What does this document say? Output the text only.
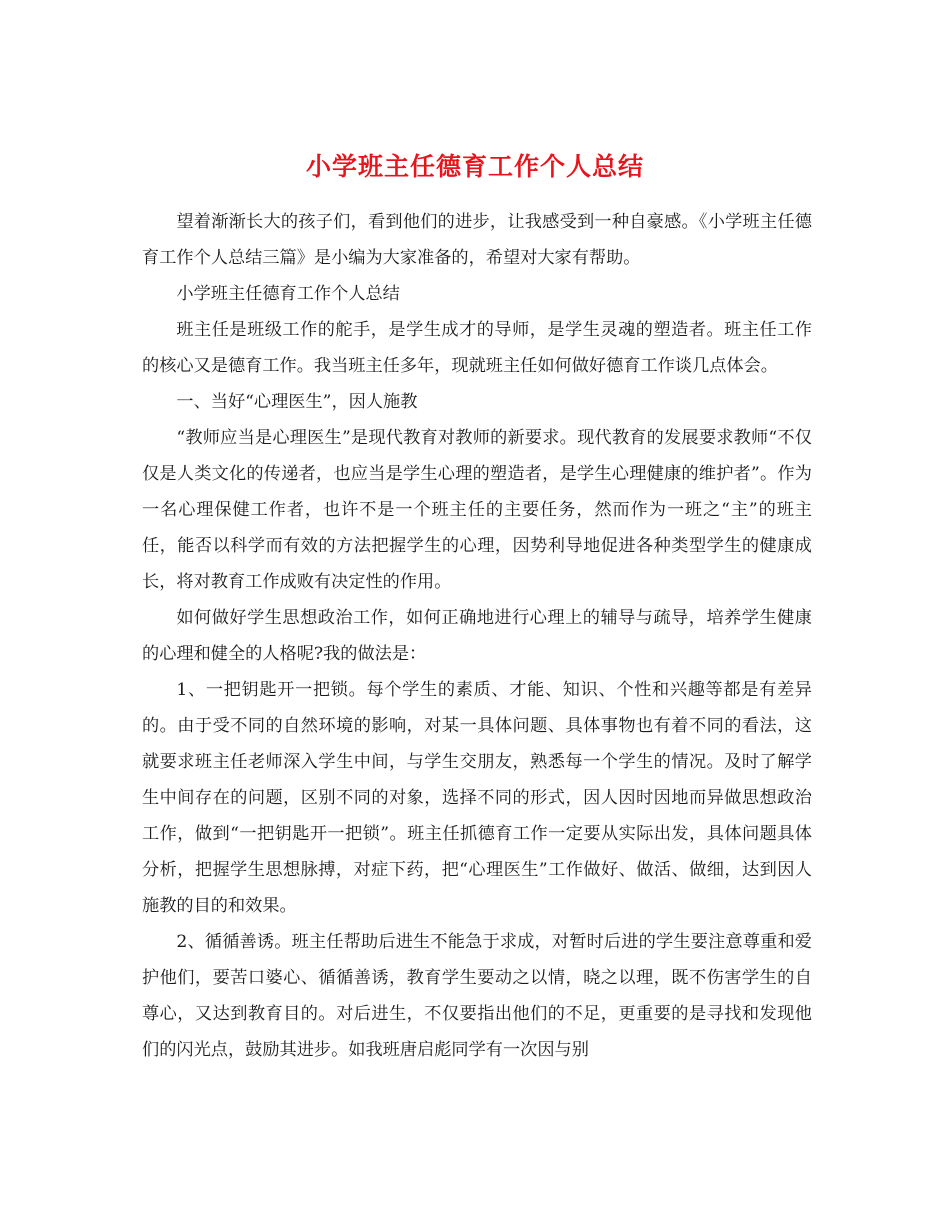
小学班主任德育工作个人总结

望着渐渐长大的孩子们，看到他们的进步，让我感受到一种自豪感。《小学班主任德育工作个人总结三篇》是小编为大家准备的，希望对大家有帮助。

小学班主任德育工作个人总结

班主任是班级工作的舵手，是学生成才的导师，是学生灵魂的塑造者。班主任工作的核心又是德育工作。我当班主任多年，现就班主任如何做好德育工作谈几点体会。

一、当好“心理医生”，因人施教

“教师应当是心理医生”是现代教育对教师的新要求。现代教育的发展要求教师“不仅仅是人类文化的传递者，也应当是学生心理的塑造者，是学生心理健康的维护者”。作为一名心理保健工作者，也许不是一个班主任的主要任务，然而作为一班之“主”的班主任，能否以科学而有效的方法把握学生的心理，因势利导地促进各种类型学生的健康成长，将对教育工作成败有决定性的作用。

如何做好学生思想政治工作，如何正确地进行心理上的辅导与疏导，培养学生健康的心理和健全的人格呢?我的做法是：

1、一把钥匙开一把锁。每个学生的素质、才能、知识、个性和兴趣等都是有差异的。由于受不同的自然环境的影响，对某一具体问题、具体事物也有着不同的看法，这就要求班主任老师深入学生中间，与学生交朋友，熟悉每一个学生的情况。及时了解学生中间存在的问题，区别不同的对象，选择不同的形式，因人因时因地而异做思想政治工作，做到“一把钥匙开一把锁”。班主任抓德育工作一定要从实际出发，具体问题具体分析，把握学生思想脉搏，对症下药，把“心理医生”工作做好、做活、做细，达到因人施教的目的和效果。

2、循循善诱。班主任帮助后进生不能急于求成，对暂时后进的学生要注意尊重和爱护他们，要苦口婆心、循循善诱，教育学生要动之以情，晓之以理，既不伤害学生的自尊心，又达到教育目的。对后进生，不仅要指出他们的不足，更重要的是寻找和发现他们的闪光点，鼓励其进步。如我班唐启彪同学有一次因与别
